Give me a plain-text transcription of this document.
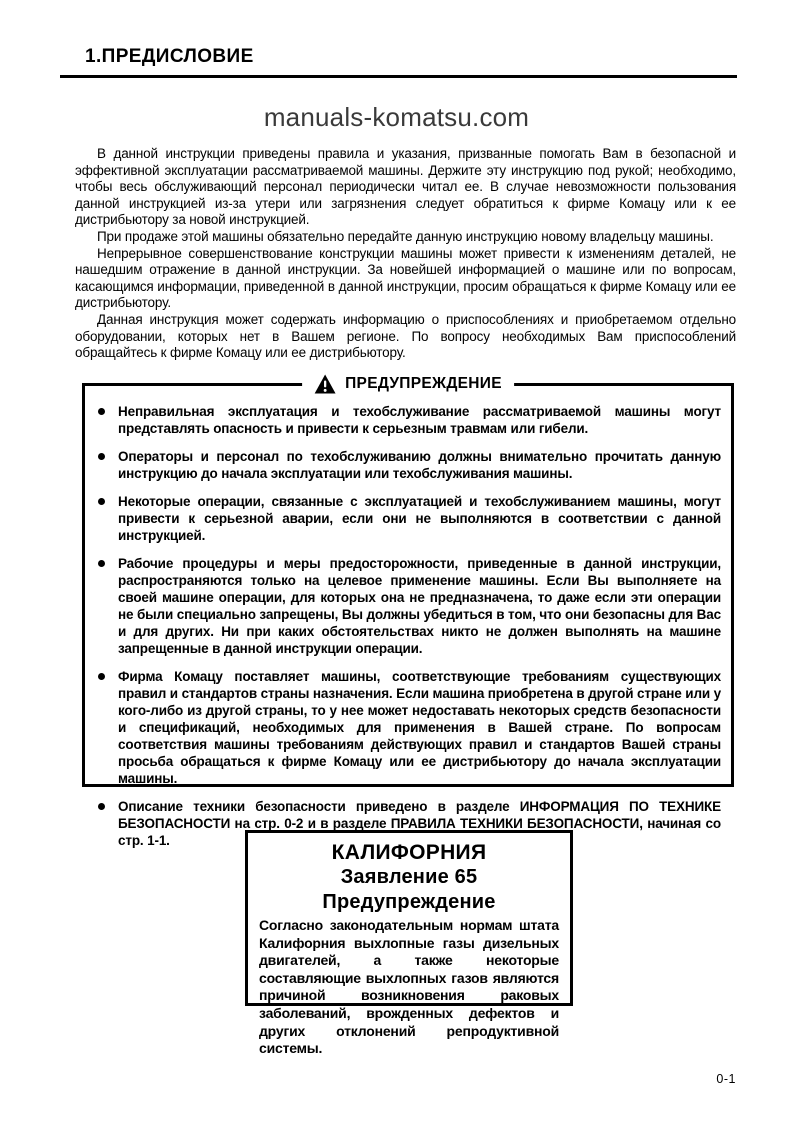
1.ПРЕДИСЛОВИЕ
manuals-komatsu.com

В данной инструкции приведены правила и указания, призванные помогать Вам в безопасной и эффективной эксплуатации рассматриваемой машины. Держите эту инструкцию под рукой; необходимо, чтобы весь обслуживающий персонал периодически читал ее. В случае невозможности пользования данной инструкцией из-за утери или загрязнения следует обратиться к фирме Комацу или к ее дистрибьютору за новой инструкцией.

При продаже этой машины обязательно передайте данную инструкцию новому владельцу машины.

Непрерывное совершенствование конструкции машины может привести к изменениям деталей, не нашедшим отражение в данной инструкции. За новейшей информацией о машине или по вопросам, касающимся информации, приведенной в данной инструкции, просим обращаться к фирме Комацу или ее дистрибьютору.

Данная инструкция может содержать информацию о приспособлениях и приобретаемом отдельно оборудовании, которых нет в Вашем регионе. По вопросу необходимых Вам приспособлений обращайтесь к фирме Комацу или ее дистрибьютору.

ПРЕДУПРЕЖДЕНИЕ
Неправильная эксплуатация и техобслуживание рассматриваемой машины могут представлять опасность и привести к серьезным травмам или гибели.
Операторы и персонал по техобслуживанию должны внимательно прочитать данную инструкцию до начала эксплуатации или техобслуживания машины.
Некоторые операции, связанные с эксплуатацией и техобслуживанием машины, могут привести к серьезной аварии, если они не выполняются в соответствии с данной инструкцией.
Рабочие процедуры и меры предосторожности, приведенные в данной инструкции, распространяются только на целевое применение машины. Если Вы выполняете на своей машине операции, для которых она не предназначена, то даже если эти операции не были специально запрещены, Вы должны убедиться в том, что они безопасны для Вас и для других. Ни при каких обстоятельствах никто не должен выполнять на машине запрещенные в данной инструкции операции.
Фирма Комацу поставляет машины, соответствующие требованиям существующих правил и стандартов страны назначения. Если машина приобретена в другой стране или у кого-либо из другой страны, то у нее может недоставать некоторых средств безопасности и спецификаций, необходимых для применения в Вашей стране. По вопросам соответствия машины требованиям действующих правил и стандартов Вашей страны просьба обращаться к фирме Комацу или ее дистрибьютору до начала эксплуатации машины.
Описание техники безопасности приведено в разделе ИНФОРМАЦИЯ ПО ТЕХНИКЕ БЕЗОПАСНОСТИ на стр. 0-2 и в разделе ПРАВИЛА ТЕХНИКИ БЕЗОПАСНОСТИ, начиная со стр. 1-1.
КАЛИФОРНИЯ
Заявление 65 Предупреждение
Согласно законодательным нормам штата Калифорния выхлопные газы дизельных двигателей, а также некоторые составляющие выхлопных газов являются причиной возникновения раковых заболеваний, врожденных дефектов и других отклонений репродуктивной системы.
0-1
